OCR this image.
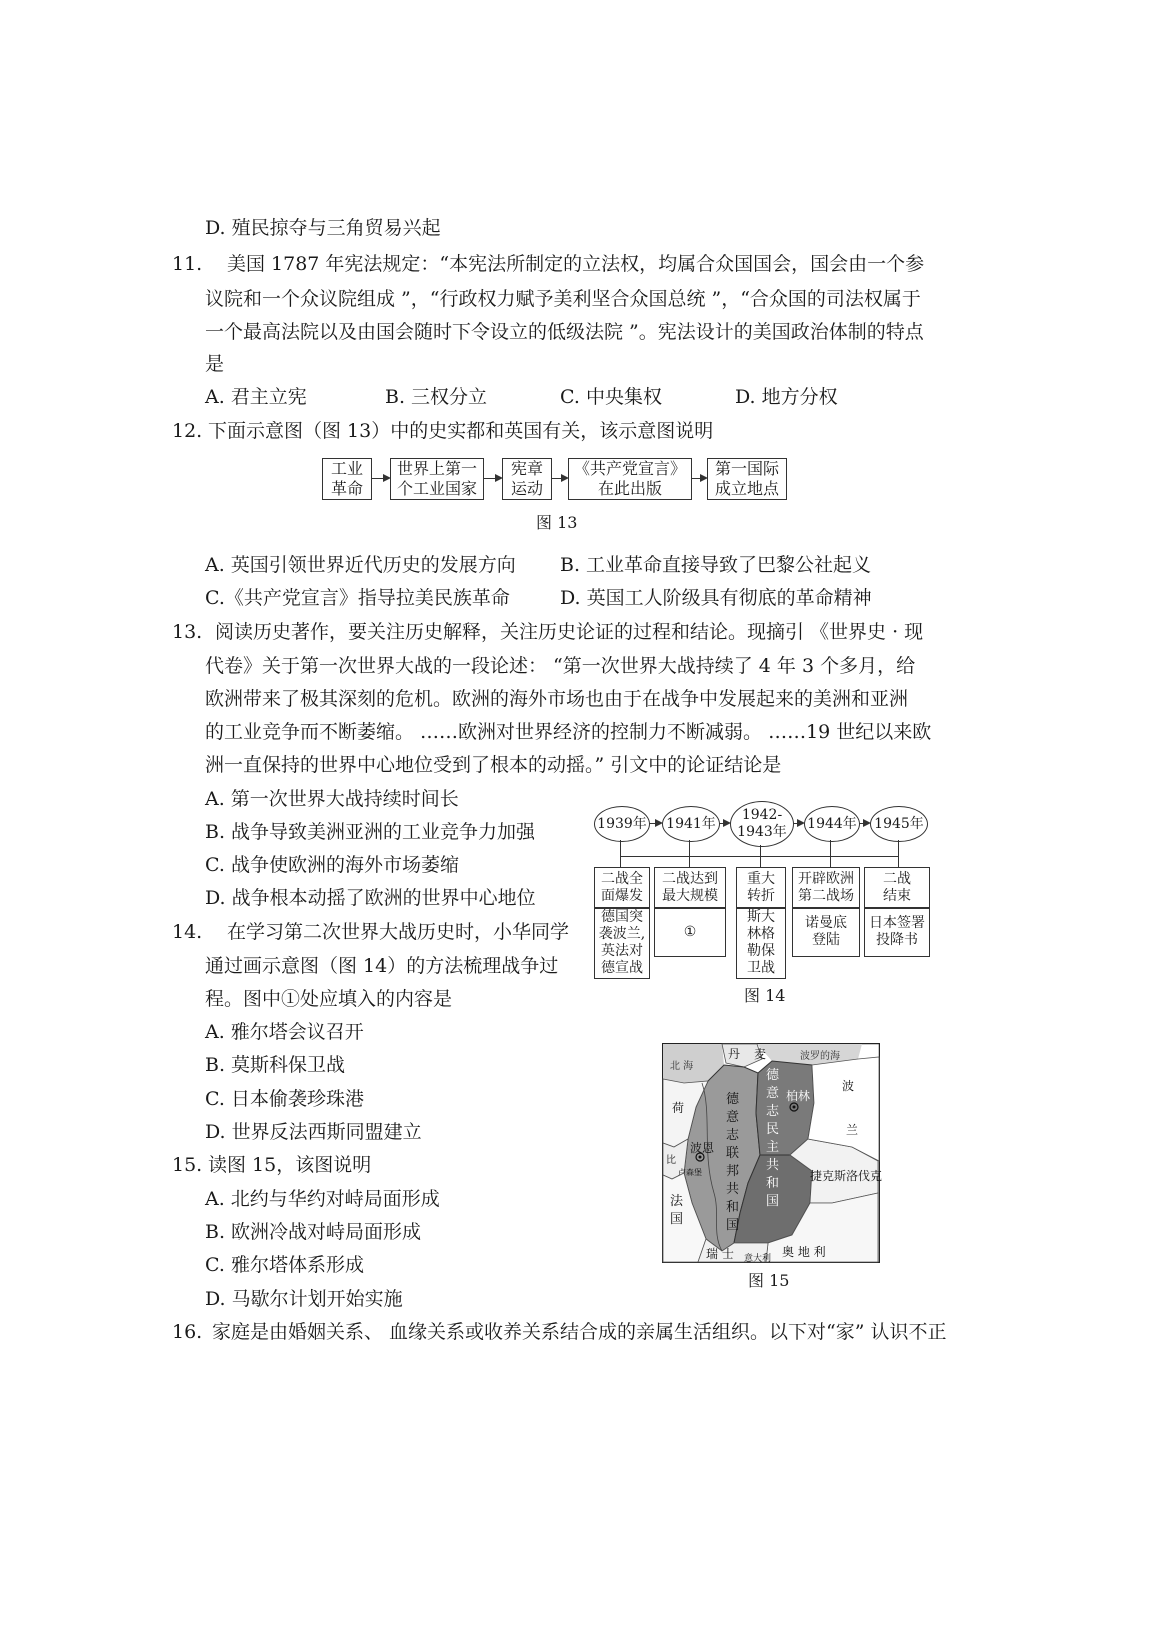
D. 殖民掠夺与三角贸易兴起
11. 美国 1787 年宪法规定：“本宪法所制定的立法权，均属合众国国会，国会由一个参
议院和一个众议院组成 ”，“行政权力赋予美利坚合众国总统 ”，“合众国的司法权属于
一个最高法院以及由国会随时下令设立的低级法院 ”。宪法设计的美国政治体制的特点
是
A. 君主立宪	B. 三权分立	C. 中央集权	D. 地方分权
12. 下面示意图（图 13）中的史实都和英国有关，该示意图说明
工业
革命
世界上第一
个工业国家
宪章
运动
《共产党宣言》
在此出版
第一国际
成立地点
图 13
A. 英国引领世界近代历史的发展方向 B. 工业革命直接导致了巴黎公社起义
C.《共产党宣言》指导拉美民族革命	D. 英国工人阶级具有彻底的革命精神
13. 阅读历史著作，要关注历史解释，关注历史论证的过程和结论。现摘引 《世界史 · 现
代卷》关于第一次世界大战的一段论述： “第一次世界大战持续了 4 年 3 个多月，给
欧洲带来了极其深刻的危机。欧洲的海外市场也由于在战争中发展起来的美洲和亚洲
的工业竞争而不断萎缩。 ……欧洲对世界经济的控制力不断减弱。 ……19 世纪以来欧
洲一直保持的世界中心地位受到了根本的动摇。” 引文中的论证结论是
A. 第一次世界大战持续时间长
B. 战争导致美洲亚洲的工业竞争力加强
C. 战争使欧洲的海外市场萎缩
D. 战争根本动摇了欧洲的世界中心地位
1939年 1941年
1942-
1943年
1944年 1945年
二战全
面爆发
二战达到
最大规模
重大
转折
开辟欧洲
第二战场
二战
结束
德国突
袭波兰,
英法对
德宣战
①
斯大
林格
勒保
卫战
诺曼底
登陆
日本签署
投降书
图 14
14. 在学习第二次世界大战历史时，小华同学
通过画示意图（图 14）的方法梳理战争过
程。图中①处应填入的内容是
A. 雅尔塔会议召开
B. 莫斯科保卫战
C. 日本偷袭珍珠港
D. 世界反法西斯同盟建立
丹 麦	波罗的海
北 海
荷
德意志民主共和国
柏林
波
兰
德意志联邦共和国
波恩
比
卢森堡	捷克斯洛伐克
法国
瑞 士 意大利 奥 地 利
图 15
15. 读图 15，该图说明
A. 北约与华约对峙局面形成
B. 欧洲冷战对峙局面形成
C. 雅尔塔体系形成
D. 马歇尔计划开始实施
16. 家庭是由婚姻关系、 血缘关系或收养关系结合成的亲属生活组织。以下对“家” 认识不正
